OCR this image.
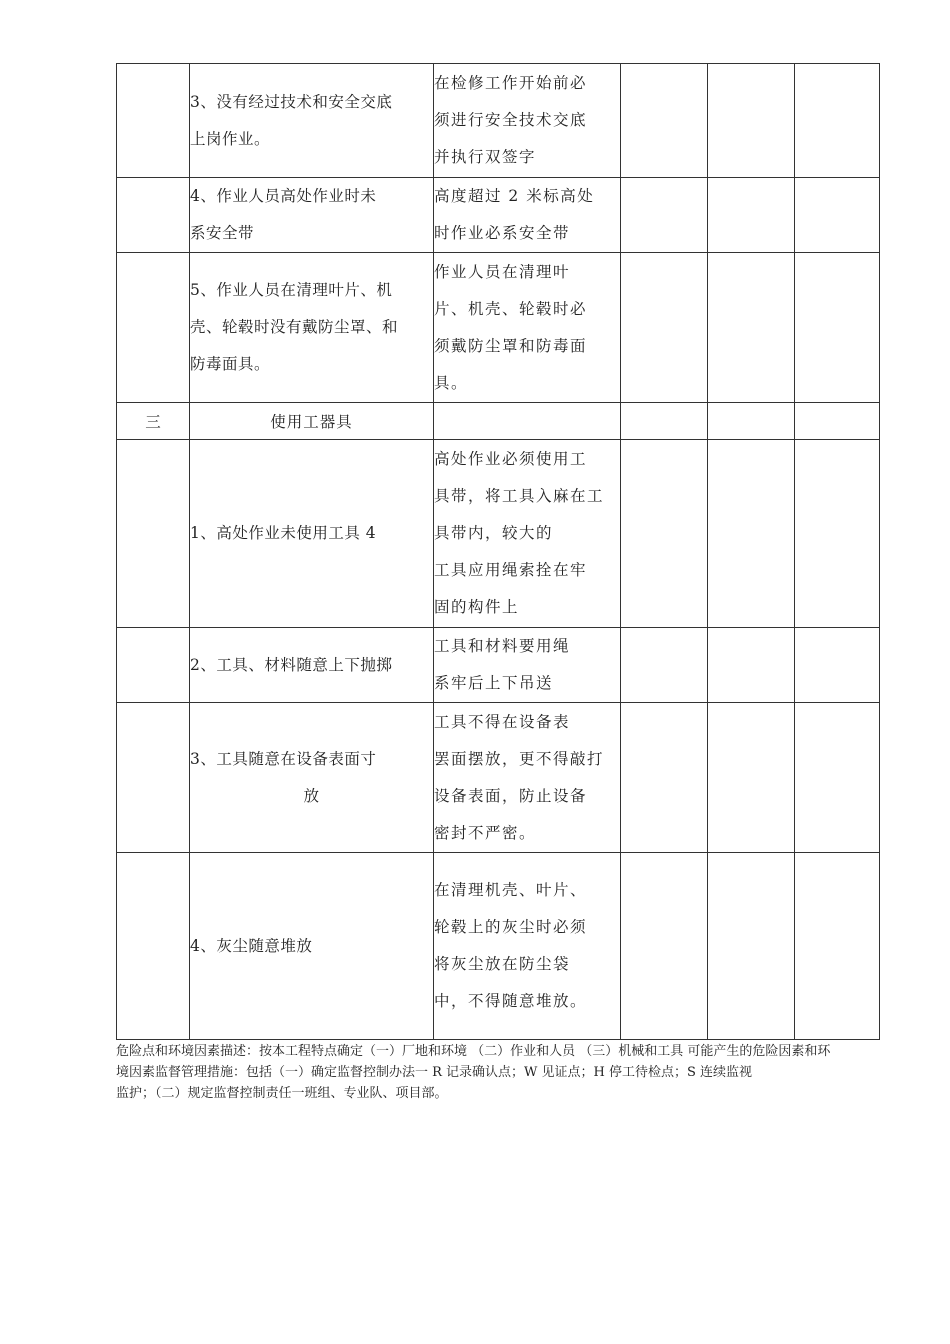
	3、没有经过技术和安全交底
上岗作业。	在检修工作开始前必
须进行安全技术交底
并执行双签字			

	4、作业人员高处作业时未
系安全带	高度超过 2 米标高处
时作业必系安全带			

	5、作业人员在清理叶片、机
壳、轮毂时没有戴防尘罩、和
防毒面具。	作业人员在清理叶
片、机壳、轮毂时必
须戴防尘罩和防毒面
具。			

三	使用工器具				

	1、高处作业未使用工具 4	高处作业必须使用工
具带，将工具入麻在工
具带内，较大的
工具应用绳索拴在牢
固的构件上			

	2、工具、材料随意上下抛掷	工具和材料要用绳
系牢后上下吊送			

	3、工具随意在设备表面寸
放	工具不得在设备表
罢面摆放，更不得敲打
设备表面，防止设备
密封不严密。			

	4、灰尘随意堆放	在清理机壳、叶片、
轮毂上的灰尘时必须
将灰尘放在防尘袋
中，不得随意堆放。			

危险点和环境因素描述：按本工程特点确定（一）厂地和环境 （二）作业和人员 （三）机械和工具 可能产生的危险因素和环
境因素监督管理措施：包括（一）确定监督控制办法一 R 记录确认点；W 见证点；H 停工待检点；S 连续监视
监护；（二）规定监督控制责任一班组、专业队、项目部。
